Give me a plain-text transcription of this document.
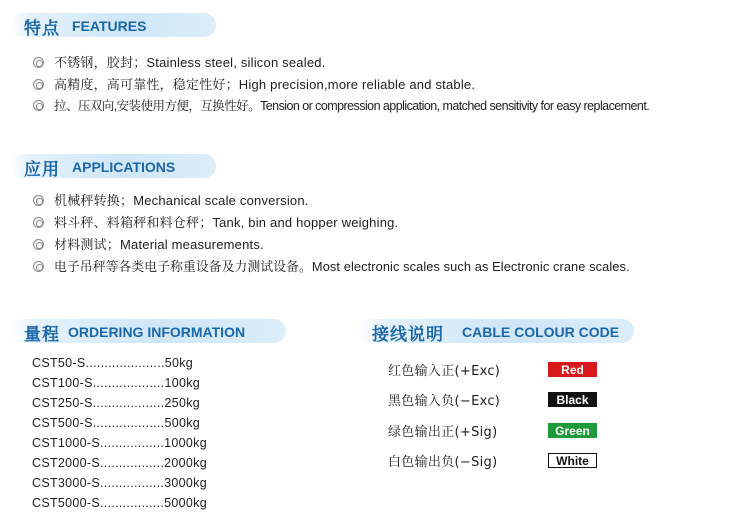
特点 FEATURES
不锈钢，胶封；Stainless steel, silicon sealed.
高精度，高可靠性，稳定性好；High precision,more reliable and stable.
拉、压双向,安装使用方便，互换性好。Tension or compression application, matched sensitivity for easy replacement.
应用 APPLICATIONS
机械秤转换；Mechanical scale conversion.
料斗秤、料箱秤和料仓秤；Tank, bin and hopper weighing.
材料测试；Material measurements.
电子吊秤等各类电子称重设备及力测试设备。Most electronic scales such as Electronic crane scales.
量程 ORDERING INFORMATION
CST50-S.....................50kg
CST100-S...................100kg
CST250-S...................250kg
CST500-S...................500kg
CST1000-S.................1000kg
CST2000-S.................2000kg
CST3000-S.................3000kg
CST5000-S.................5000kg
接线说明 CABLE COLOUR CODE
红色输入正(+Exc)	Red
黑色输入负(−Exc)	Black
绿色输出正(+Sig)	Green
白色输出负(−Sig)	White
